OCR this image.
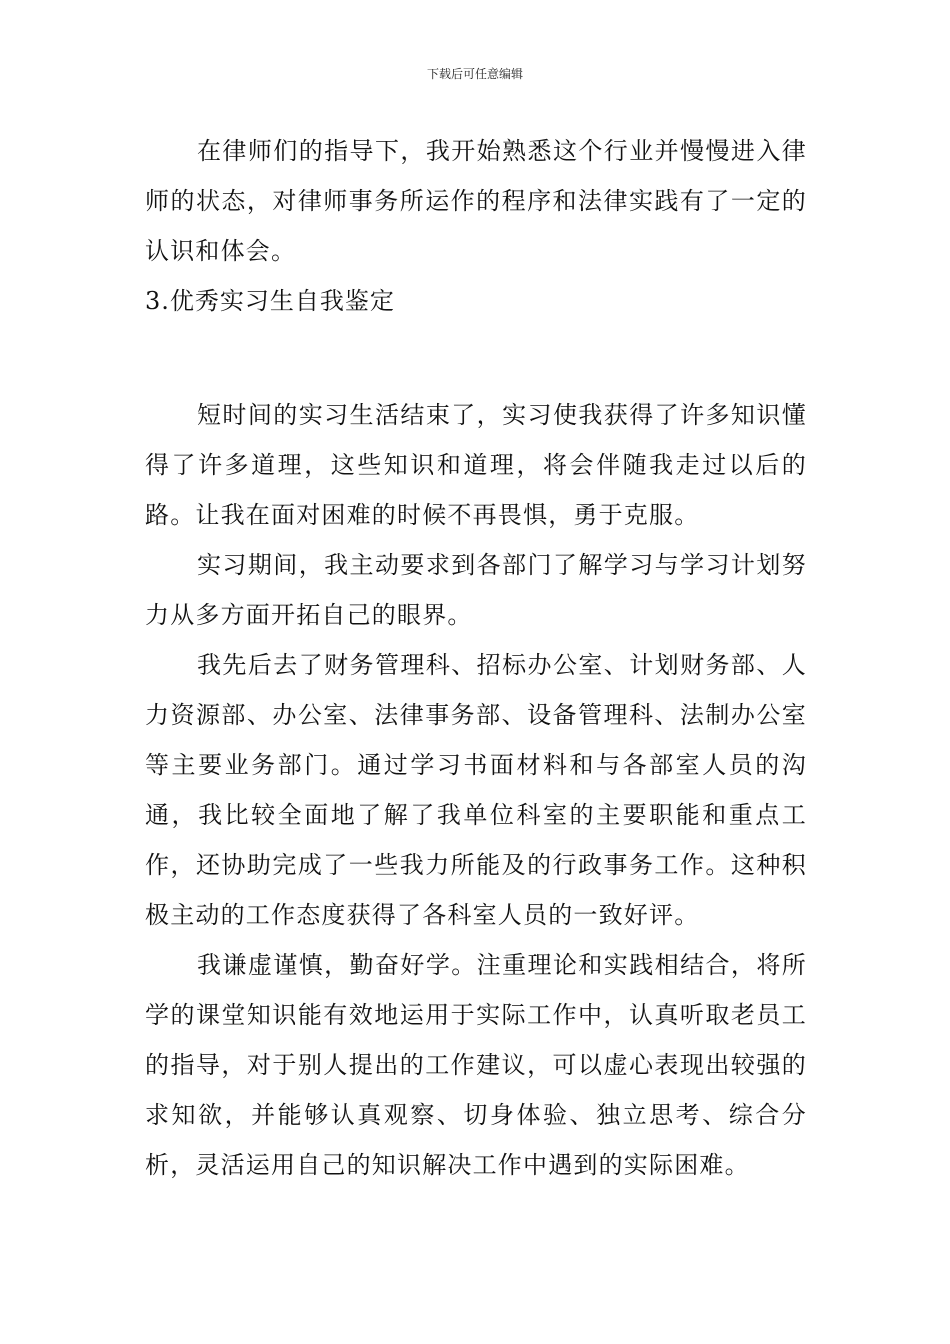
下载后可任意编辑

在律师们的指导下，我开始熟悉这个行业并慢慢进入律师的状态，对律师事务所运作的程序和法律实践有了一定的认识和体会。

3.优秀实习生自我鉴定

短时间的实习生活结束了，实习使我获得了许多知识懂得了许多道理，这些知识和道理，将会伴随我走过以后的路。让我在面对困难的时候不再畏惧，勇于克服。

实习期间，我主动要求到各部门了解学习与学习计划努力从多方面开拓自己的眼界。

我先后去了财务管理科、招标办公室、计划财务部、人力资源部、办公室、法律事务部、设备管理科、法制办公室等主要业务部门。通过学习书面材料和与各部室人员的沟通，我比较全面地了解了我单位科室的主要职能和重点工作，还协助完成了一些我力所能及的行政事务工作。这种积极主动的工作态度获得了各科室人员的一致好评。

我谦虚谨慎，勤奋好学。注重理论和实践相结合，将所学的课堂知识能有效地运用于实际工作中，认真听取老员工的指导，对于别人提出的工作建议，可以虚心表现出较强的求知欲，并能够认真观察、切身体验、独立思考、综合分析，灵活运用自己的知识解决工作中遇到的实际困难。
